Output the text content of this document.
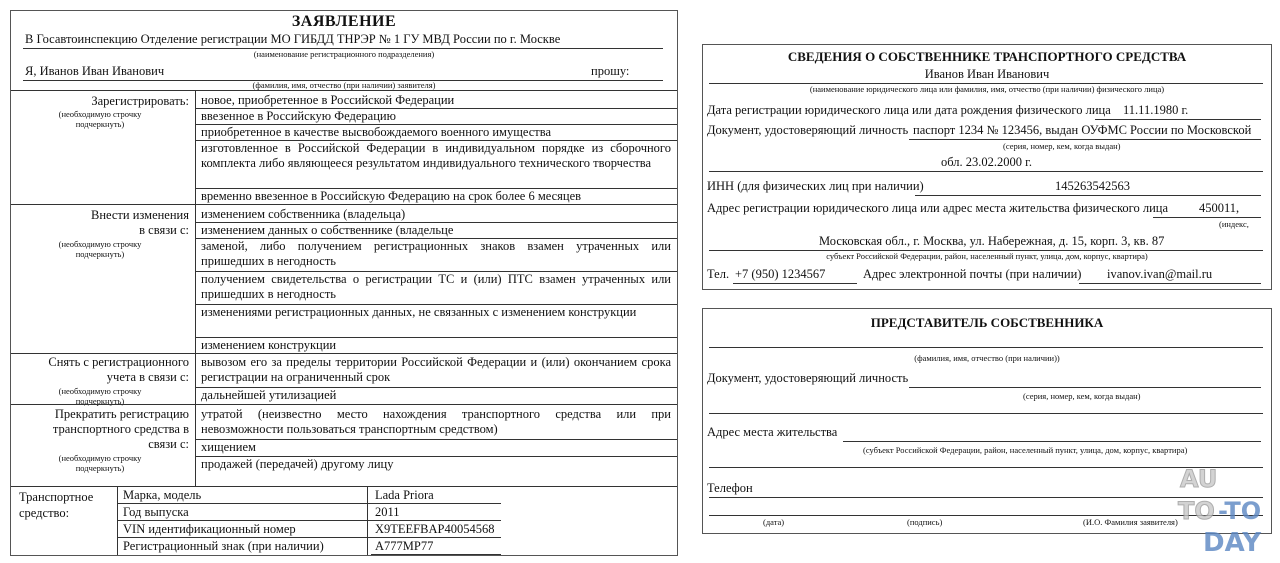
ЗАЯВЛЕНИЕ
В Госавтоинспекцию Отделение регистрации МО ГИБДД ТНРЭР № 1 ГУ МВД России по г. Москве
(наименование регистрационного подразделения)
Я, Иванов Иван Иванович	прошу:
(фамилия, имя, отчество (при наличии) заявителя)
Зарегистрировать:
(необходимую строчку подчеркнуть)
новое, приобретенное в Российской Федерации
ввезенное в Российскую Федерацию
приобретенное в качестве высвобождаемого военного имущества
изготовленное в Российской Федерации в индивидуальном порядке из сборочного комплекта либо являющееся результатом индивидуального технического творчества
временно ввезенное в Российскую Федерацию на срок более 6 месяцев
Внести изменения
в связи с:
(необходимую строчку подчеркнуть)
изменением собственника (владельца)
изменением данных о собственнике (владельце
заменой, либо получением регистрационных знаков взамен утраченных или пришедших в негодность
получением свидетельства о регистрации ТС и (или) ПТС взамен утраченных или пришедших в негодность
изменениями регистрационных данных, не связанных с изменением конструкции
изменением конструкции
Снять с регистрационного
учета в связи с:
(необходимую строчку подчеркнуть)
вывозом его за пределы территории Российской Федерации и (или) окончанием срока регистрации на ограниченный срок
дальнейшей утилизацией
Прекратить регистрацию
транспортного средства в
связи с:
(необходимую строчку подчеркнуть)
утратой (неизвестно место нахождения транспортного средства или при невозможности пользоваться транспортным средством)
хищением
продажей (передачей) другому лицу
Транспортное
средство:
Марка, модель	Lada Priora
Год выпуска	2011
VIN идентификационный номер	X9TEEFBAP40054568
Регистрационный знак (при наличии)	A777MP77
СВЕДЕНИЯ О СОБСТВЕННИКЕ ТРАНСПОРТНОГО СРЕДСТВА
Иванов Иван Иванович
(наименование юридического лица или фамилия, имя, отчество (при наличии) физического лица)
Дата регистрации юридического лица или дата рождения физического лица 11.11.1980 г.
Документ, удостоверяющий личность паспорт 1234 № 123456, выдан ОУФМС России по Московской
(серия, номер, кем, когда выдан)
обл. 23.02.2000 г.
ИНН (для физических лиц при наличии)	145263542563
Адрес регистрации юридического лица или адрес места жительства физического лица 450011,
(индекс,
Московская обл., г. Москва, ул. Набережная, д. 15, корп. 3, кв. 87
субъект Российской Федерации, район, населенный пункт, улица, дом, корпус, квартира)
Тел. +7 (950) 1234567	Адрес электронной почты (при наличии) ivanov.ivan@mail.ru
ПРЕДСТАВИТЕЛЬ СОБСТВЕННИКА
(фамилия, имя, отчество (при наличии))
Документ, удостоверяющий личность
(серия, номер, кем, когда выдан)
Адрес места жительства
(субъект Российской Федерации, район, населенный пункт, улица, дом, корпус, квартира)
Телефон
(дата)	(подпись)	(И.О. Фамилия заявителя)
AU
TO -TO
DAY
